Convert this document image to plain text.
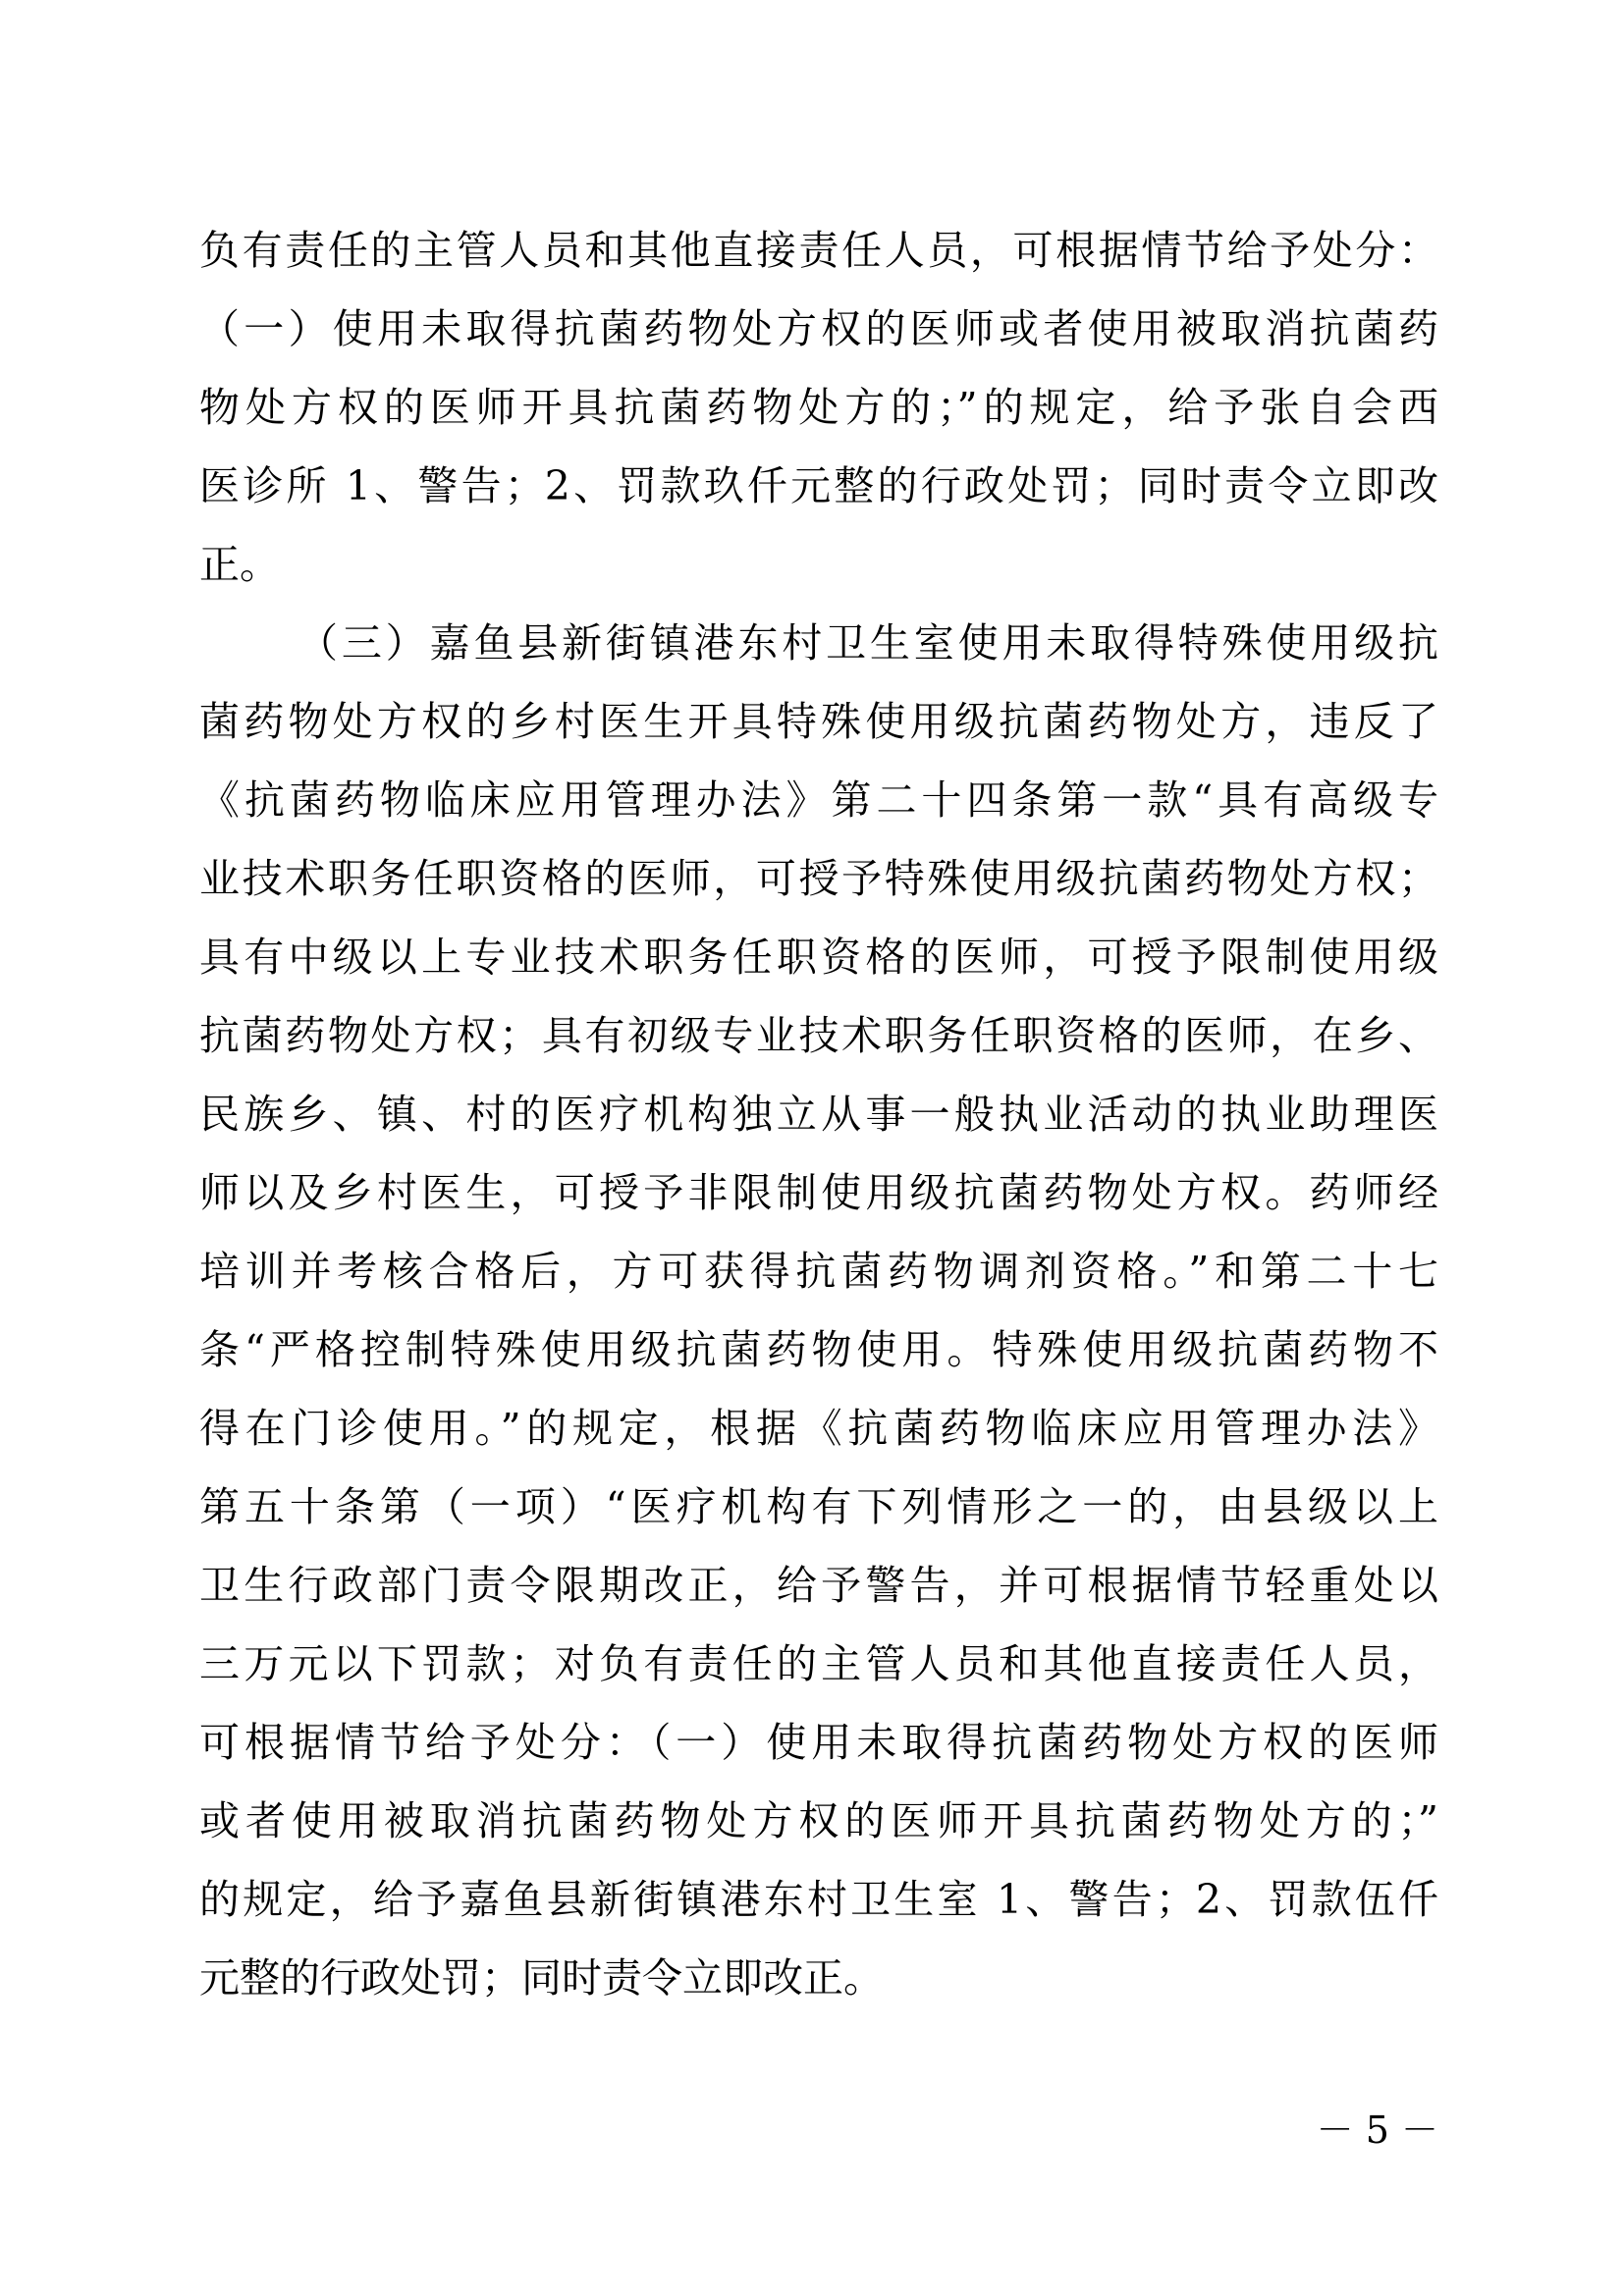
负有责任的主管人员和其他直接责任人员，可根据情节给予处分：
（一）使用未取得抗菌药物处方权的医师或者使用被取消抗菌药
物处方权的医师开具抗菌药物处方的；”的规定，给予张自会西
医诊所 1、警告；2、罚款玖仟元整的行政处罚；同时责令立即改
正。
（三）嘉鱼县新街镇港东村卫生室使用未取得特殊使用级抗
菌药物处方权的乡村医生开具特殊使用级抗菌药物处方，违反了
《抗菌药物临床应用管理办法》第二十四条第一款“具有高级专
业技术职务任职资格的医师，可授予特殊使用级抗菌药物处方权；
具有中级以上专业技术职务任职资格的医师，可授予限制使用级
抗菌药物处方权；具有初级专业技术职务任职资格的医师，在乡、
民族乡、镇、村的医疗机构独立从事一般执业活动的执业助理医
师以及乡村医生，可授予非限制使用级抗菌药物处方权。药师经
培训并考核合格后，方可获得抗菌药物调剂资格。”和第二十七
条“严格控制特殊使用级抗菌药物使用。特殊使用级抗菌药物不
得在门诊使用。”的规定，根据《抗菌药物临床应用管理办法》
第五十条第（一项）“医疗机构有下列情形之一的，由县级以上
卫生行政部门责令限期改正，给予警告，并可根据情节轻重处以
三万元以下罚款；对负有责任的主管人员和其他直接责任人员，
可根据情节给予处分：（一）使用未取得抗菌药物处方权的医师
或者使用被取消抗菌药物处方权的医师开具抗菌药物处方的；”
的规定，给予嘉鱼县新街镇港东村卫生室 1、警告；2、罚款伍仟
元整的行政处罚；同时责令立即改正。
－ 5 －
